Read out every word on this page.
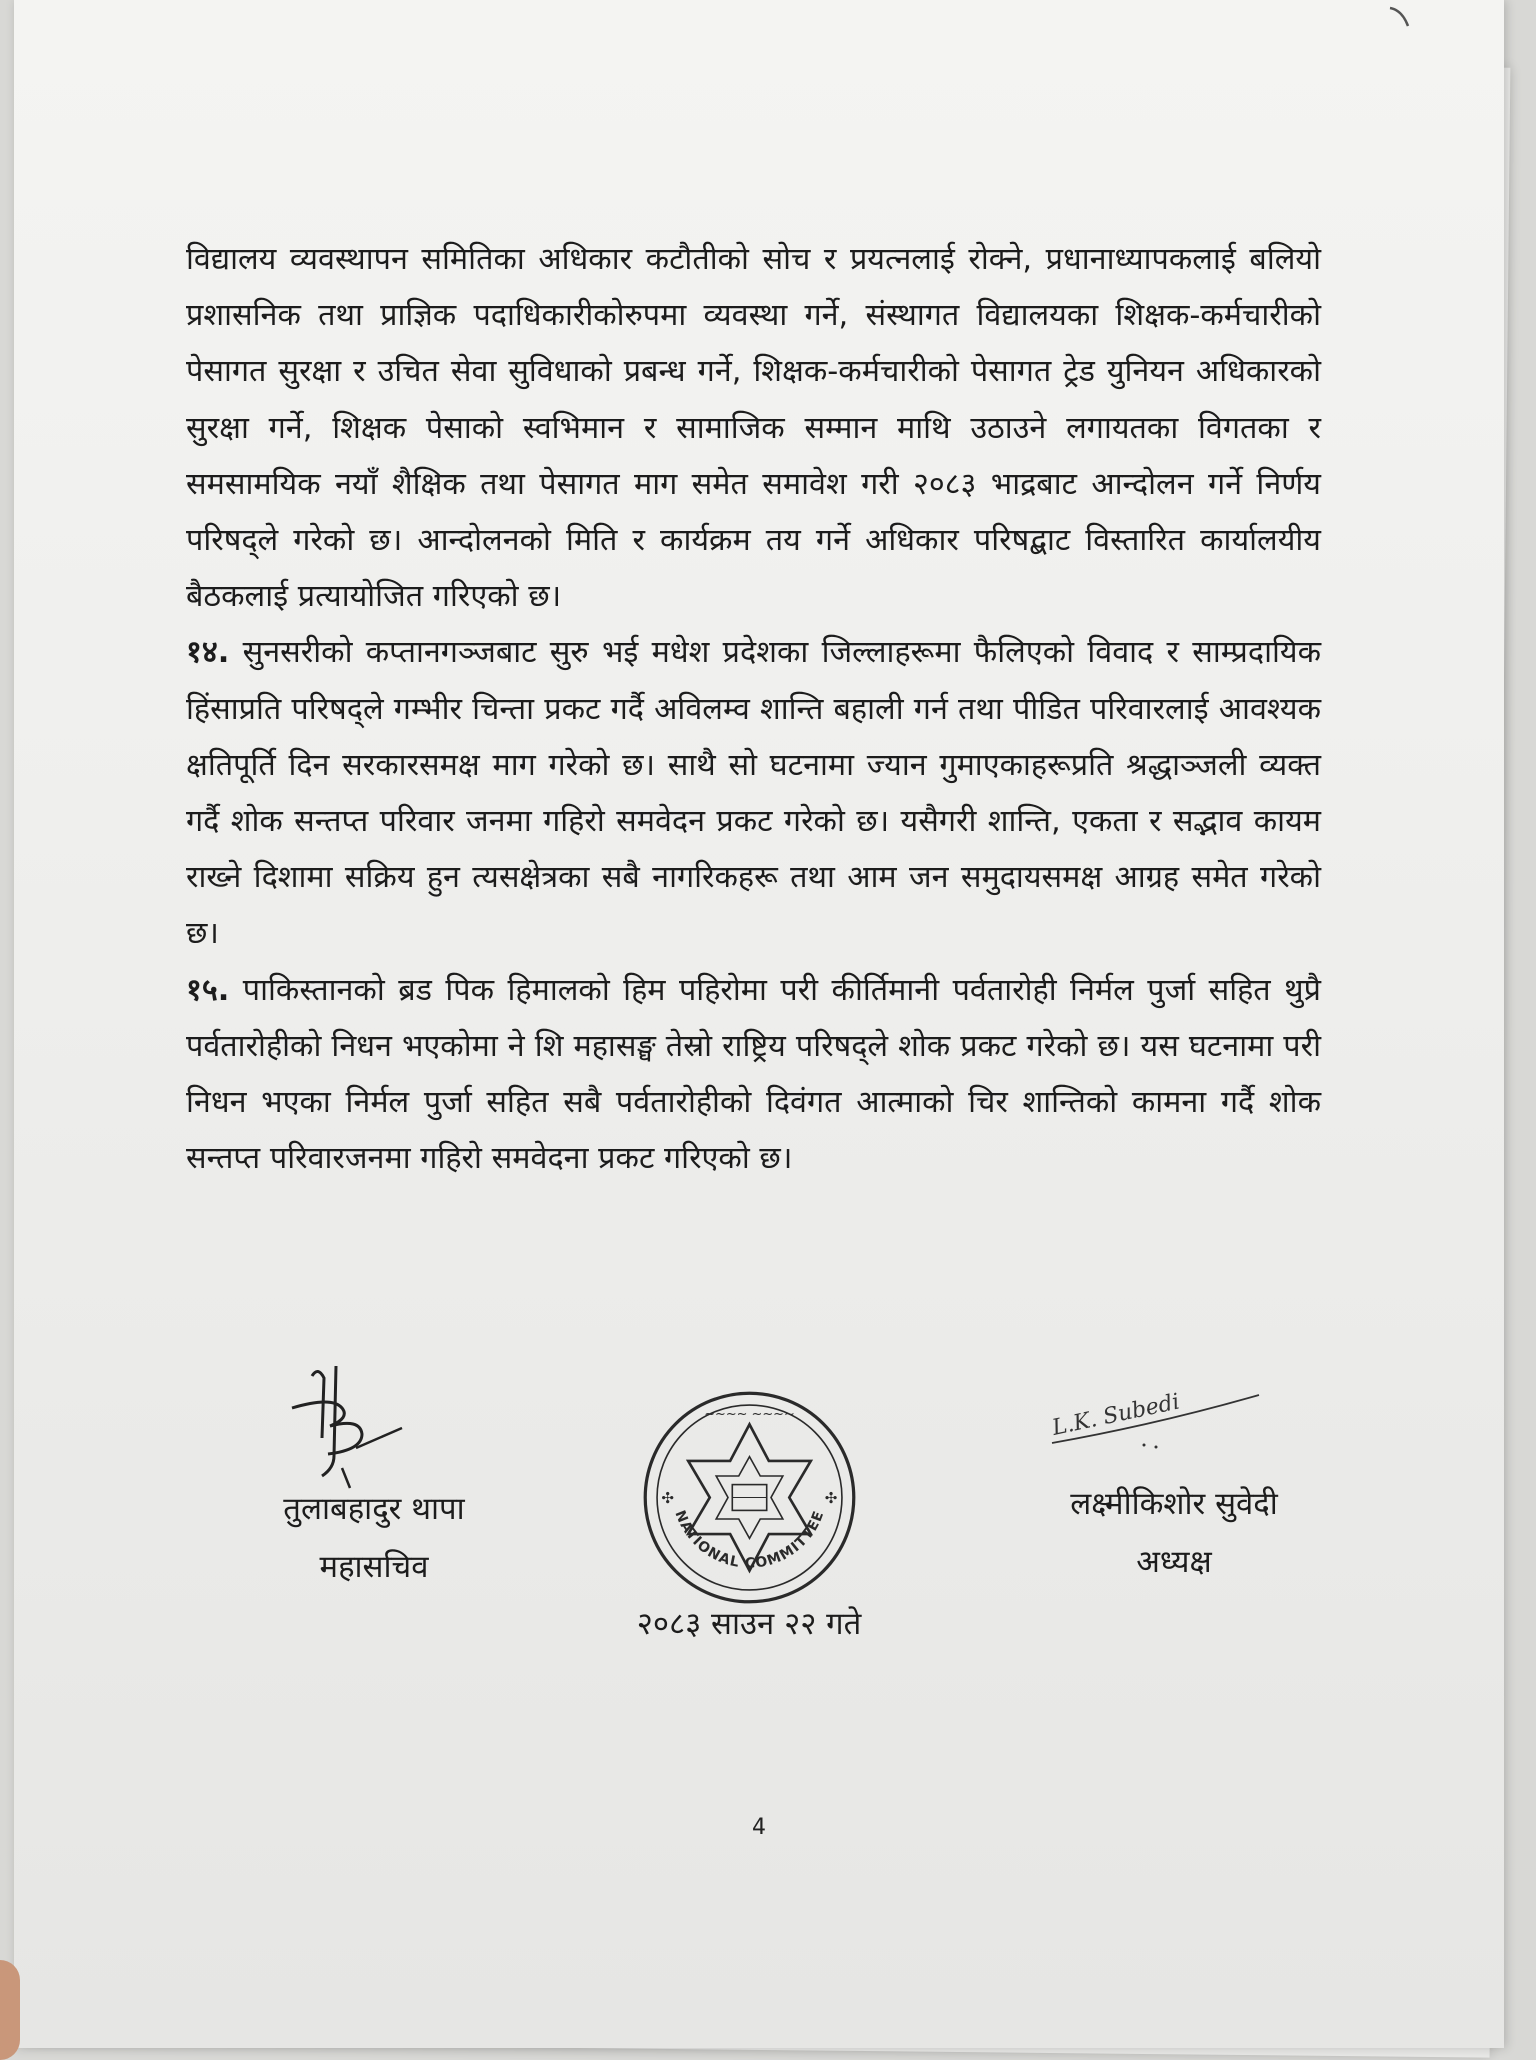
विद्यालय व्यवस्थापन समितिका अधिकार कटौतीको सोच र प्रयत्नलाई रोक्ने, प्रधानाध्यापकलाई बलियो प्रशासनिक तथा प्राज्ञिक पदाधिकारीकोरुपमा व्यवस्था गर्ने, संस्थागत विद्यालयका शिक्षक-कर्मचारीको पेसागत सुरक्षा र उचित सेवा सुविधाको प्रबन्ध गर्ने, शिक्षक-कर्मचारीको पेसागत ट्रेड युनियन अधिकारको सुरक्षा गर्ने, शिक्षक पेसाको स्वभिमान र सामाजिक सम्मान माथि उठाउने लगायतका विगतका र समसामयिक नयाँ शैक्षिक तथा पेसागत माग समेत समावेश गरी २०८३ भाद्रबाट आन्दोलन गर्ने निर्णय परिषद्ले गरेको छ। आन्दोलनको मिति र कार्यक्रम तय गर्ने अधिकार परिषद्बाट विस्तारित कार्यालयीय बैठकलाई प्रत्यायोजित गरिएको छ।

१४. सुनसरीको कप्तानगञ्जबाट सुरु भई मधेश प्रदेशका जिल्लाहरूमा फैलिएको विवाद र साम्प्रदायिक हिंसाप्रति परिषद्ले गम्भीर चिन्ता प्रकट गर्दै अविलम्व शान्ति बहाली गर्न तथा पीडित परिवारलाई आवश्यक क्षतिपूर्ति दिन सरकारसमक्ष माग गरेको छ। साथै सो घटनामा ज्यान गुमाएकाहरूप्रति श्रद्धाञ्जली व्यक्त गर्दै शोक सन्तप्त परिवार जनमा गहिरो समवेदन प्रकट गरेको छ। यसैगरी शान्ति, एकता र सद्भाव कायम राख्ने दिशामा सक्रिय हुन त्यसक्षेत्रका सबै नागरिकहरू तथा आम जन समुदायसमक्ष आग्रह समेत गरेको छ।

१५. पाकिस्तानको ब्रड पिक हिमालको हिम पहिरोमा परी कीर्तिमानी पर्वतारोही निर्मल पुर्जा सहित थुप्रै पर्वतारोहीको निधन भएकोमा ने शि महासङ्घ तेस्रो राष्ट्रिय परिषद्ले शोक प्रकट गरेको छ। यस घटनामा परी निधन भएका निर्मल पुर्जा सहित सबै पर्वतारोहीको दिवंगत आत्माको चिर शान्तिको कामना गर्दै शोक सन्तप्त परिवारजनमा गहिरो समवेदना प्रकट गरिएको छ।

तुलाबहादुर थापा
महासचिव
~~~~ ~~~~
NATIONAL COMMITTEE
✣	✣
२०८३ साउन २२ गते
L.K. Subedi
लक्ष्मीकिशोर सुवेदी
अध्यक्ष
4
